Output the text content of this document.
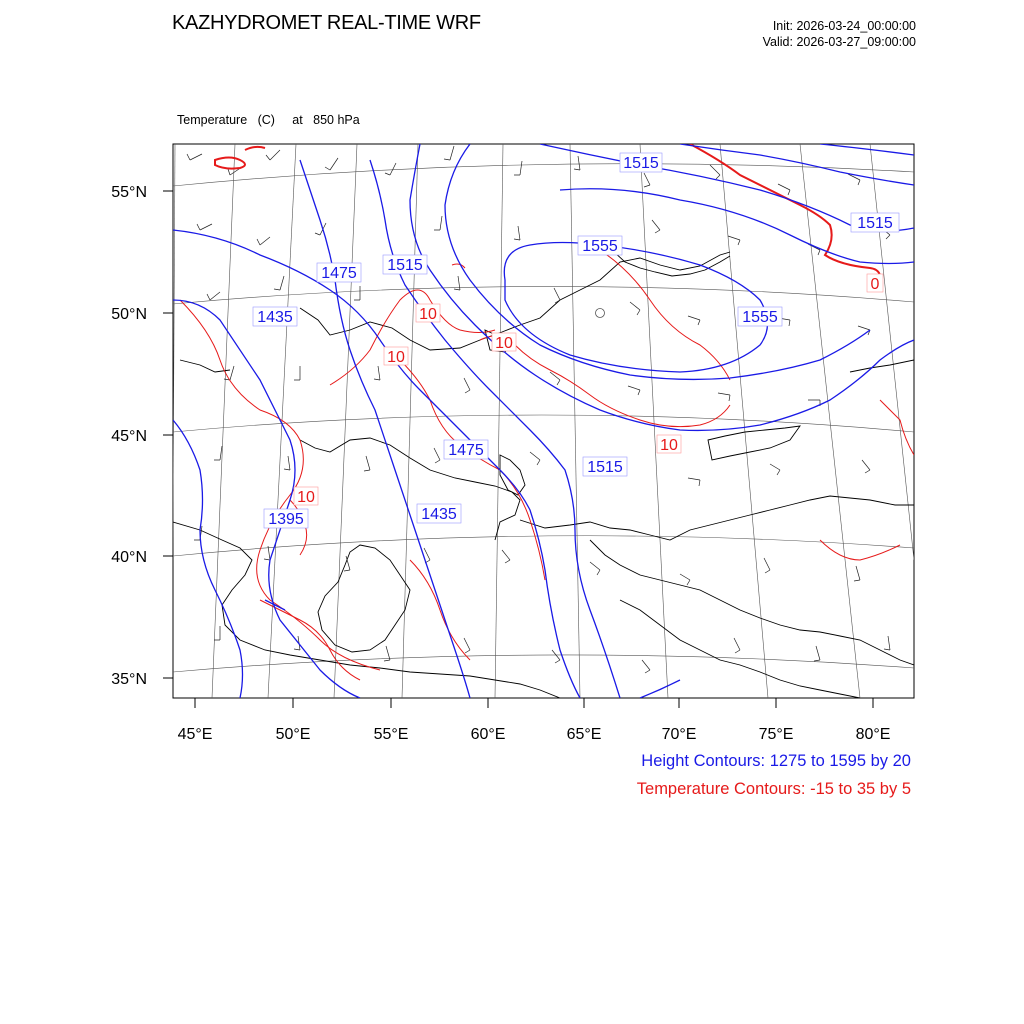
KAZHYDROMET REAL-TIME WRF	Init: 2026-03-24_00:00:00
Valid: 2026-03-27_09:00:00

Temperature   (C)     at   850 hPa

1515
1515
1555
1475 1515
1435	1555
1475
1515
1435
1395
10
10
10
10
10
0
55°N
50°N
45°N
40°N
35°N
45°E	50°E	55°E	60°E	65°E	70°E	75°E	80°E
Height Contours: 1275 to 1595 by 20
Temperature Contours: -15 to 35 by 5
